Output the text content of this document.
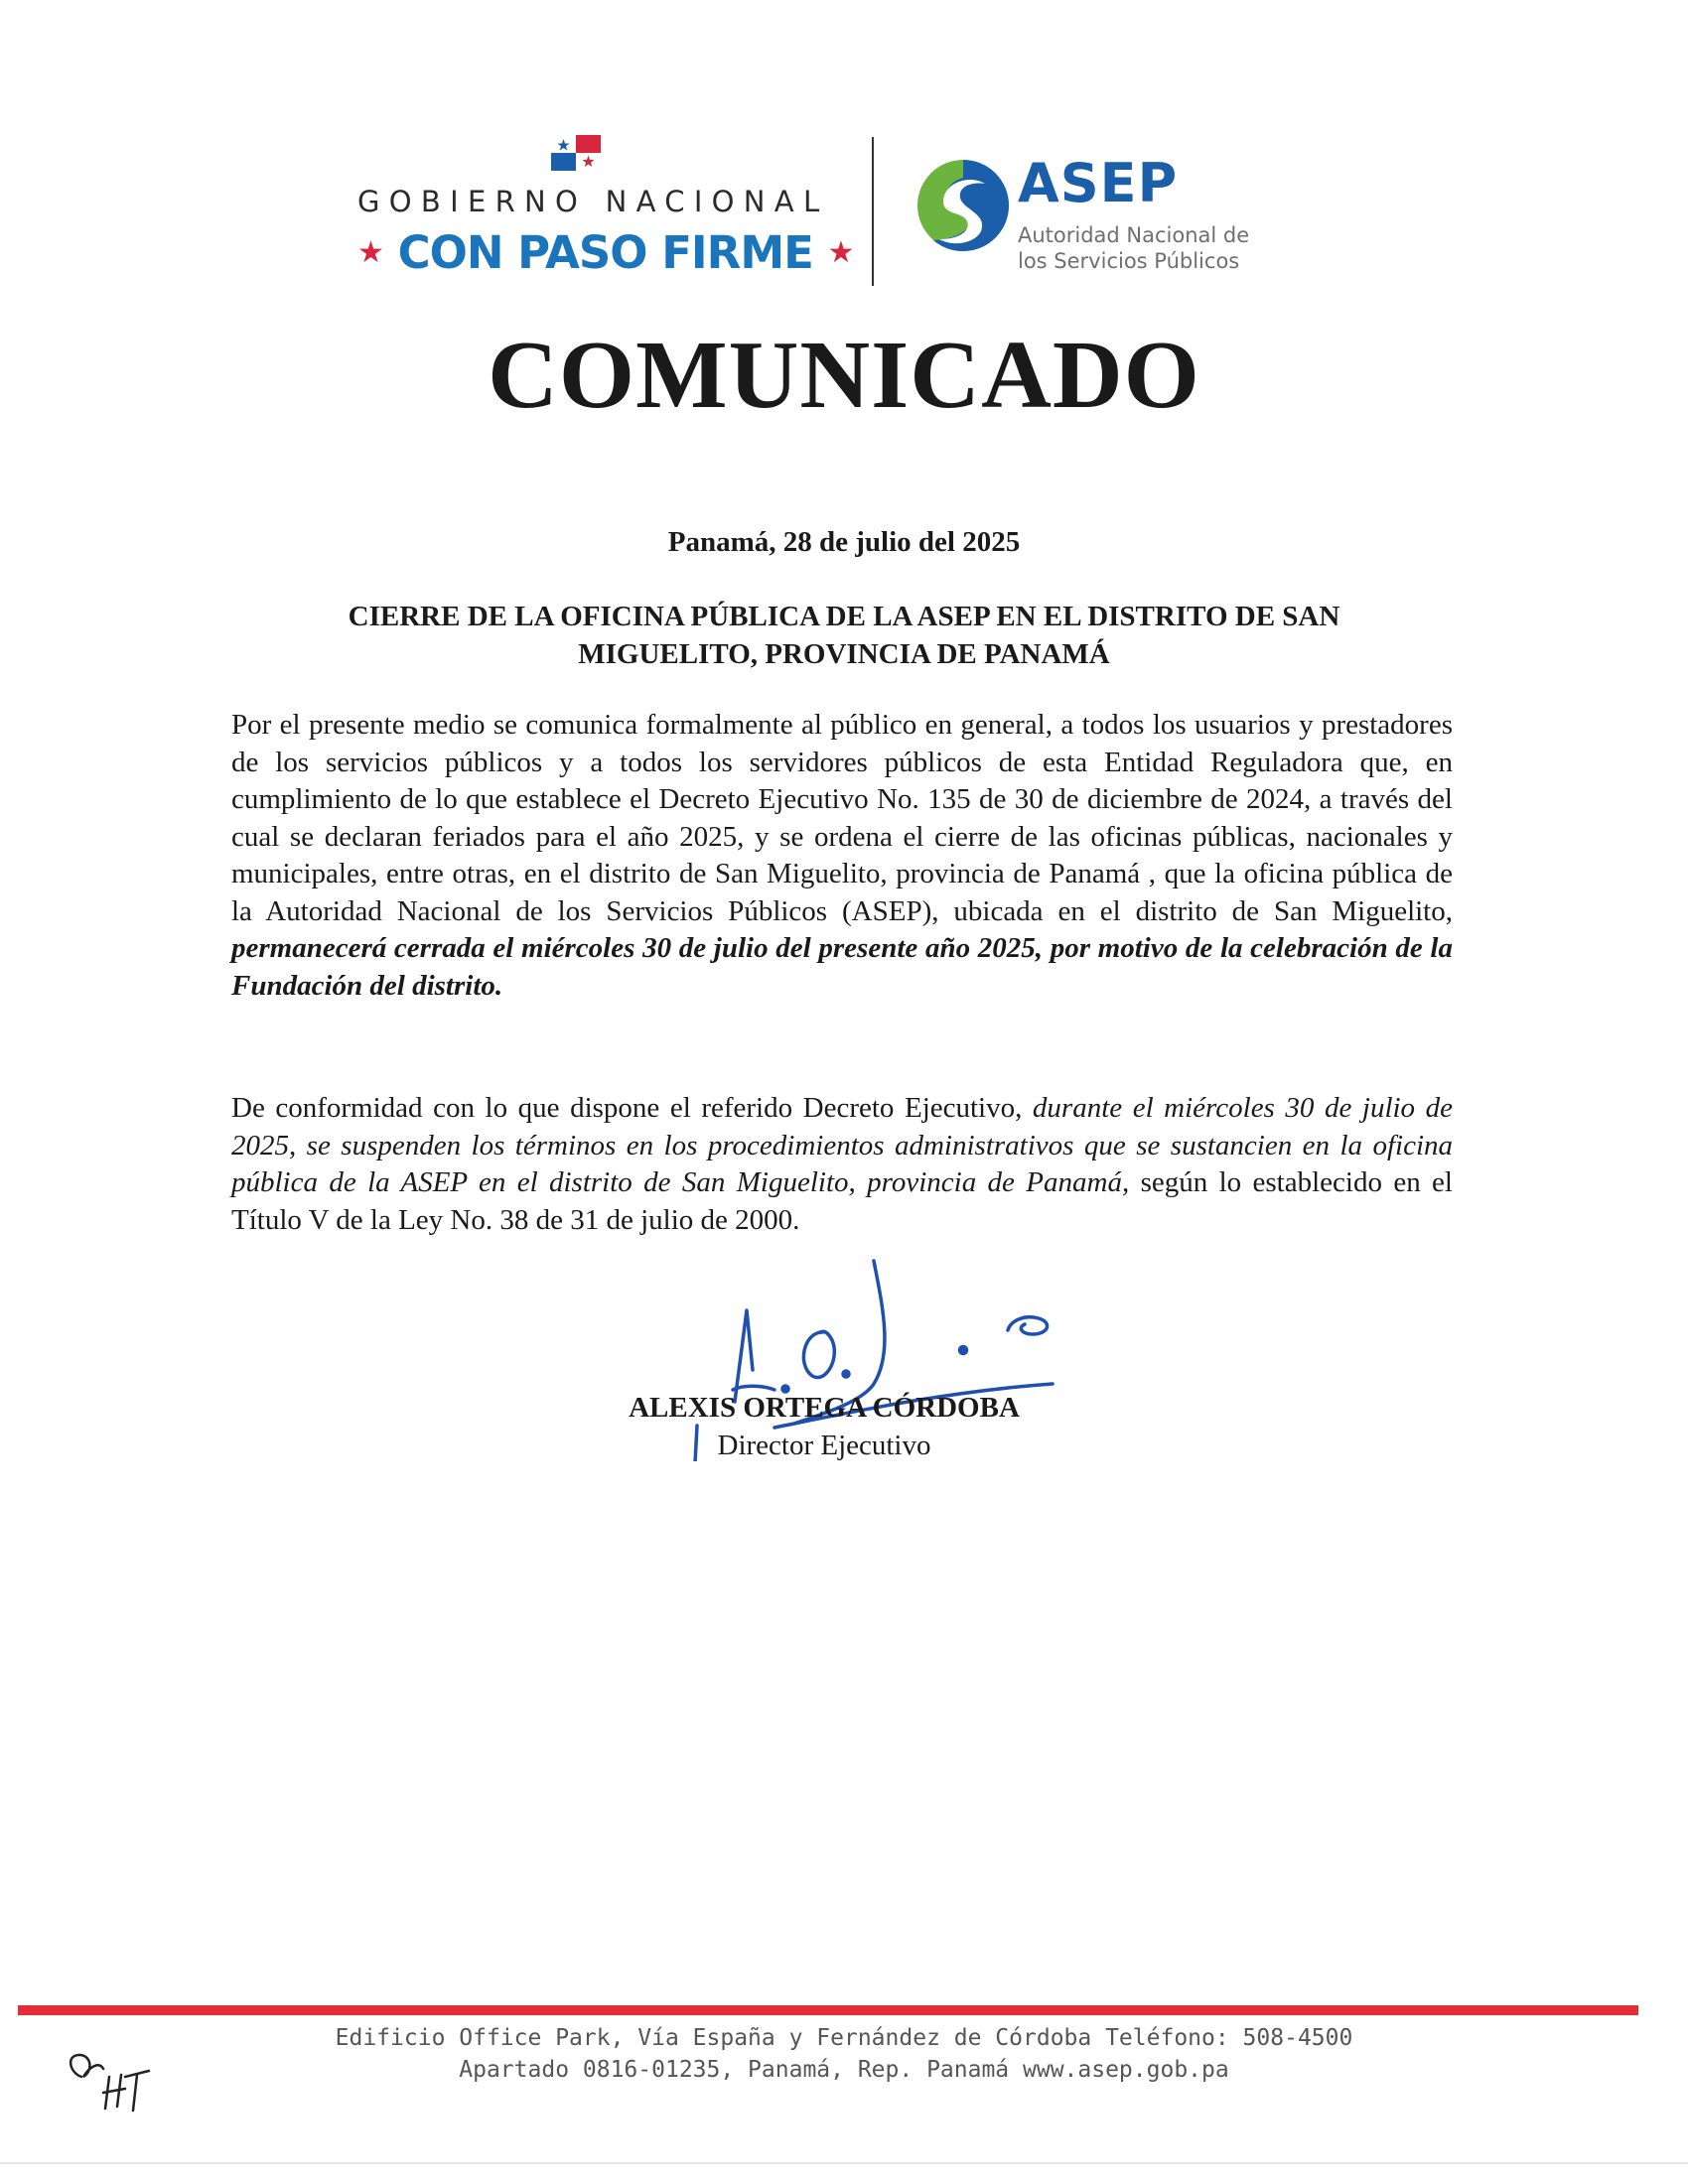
GOBIERNO NACIONAL
★ CON PASO FIRME ★
ASEP
Autoridad Nacional de
los Servicios Públicos
COMUNICADO
Panamá, 28 de julio del 2025
CIERRE DE LA OFICINA PÚBLICA DE LA ASEP EN EL DISTRITO DE SAN
MIGUELITO, PROVINCIA DE PANAMÁ
Por el presente medio se comunica formalmente al público en general, a todos los usuarios y prestadores de los servicios públicos y a todos los servidores públicos de esta Entidad Reguladora que, en cumplimiento de lo que establece el Decreto Ejecutivo No. 135 de 30 de diciembre de 2024, a través del cual se declaran feriados para el año 2025, y se ordena el cierre de las oficinas públicas, nacionales y municipales, entre otras, en el distrito de San Miguelito, provincia de Panamá , que la oficina pública de la Autoridad Nacional de los Servicios Públicos (ASEP), ubicada en el distrito de San Miguelito, permanecerá cerrada el miércoles 30 de julio del presente año 2025, por motivo de la celebración de la Fundación del distrito.
De conformidad con lo que dispone el referido Decreto Ejecutivo, durante el miércoles 30 de julio de 2025, se suspenden los términos en los procedimientos administrativos que se sustancien en la oficina pública de la ASEP en el distrito de San Miguelito, provincia de Panamá, según lo establecido en el Título V de la Ley No. 38 de 31 de julio de 2000.
ALEXIS ORTEGA CÓRDOBA
Director Ejecutivo
Edificio Office Park, Vía España y Fernández de Córdoba Teléfono: 508-4500
Apartado 0816-01235, Panamá, Rep. Panamá www.asep.gob.pa
